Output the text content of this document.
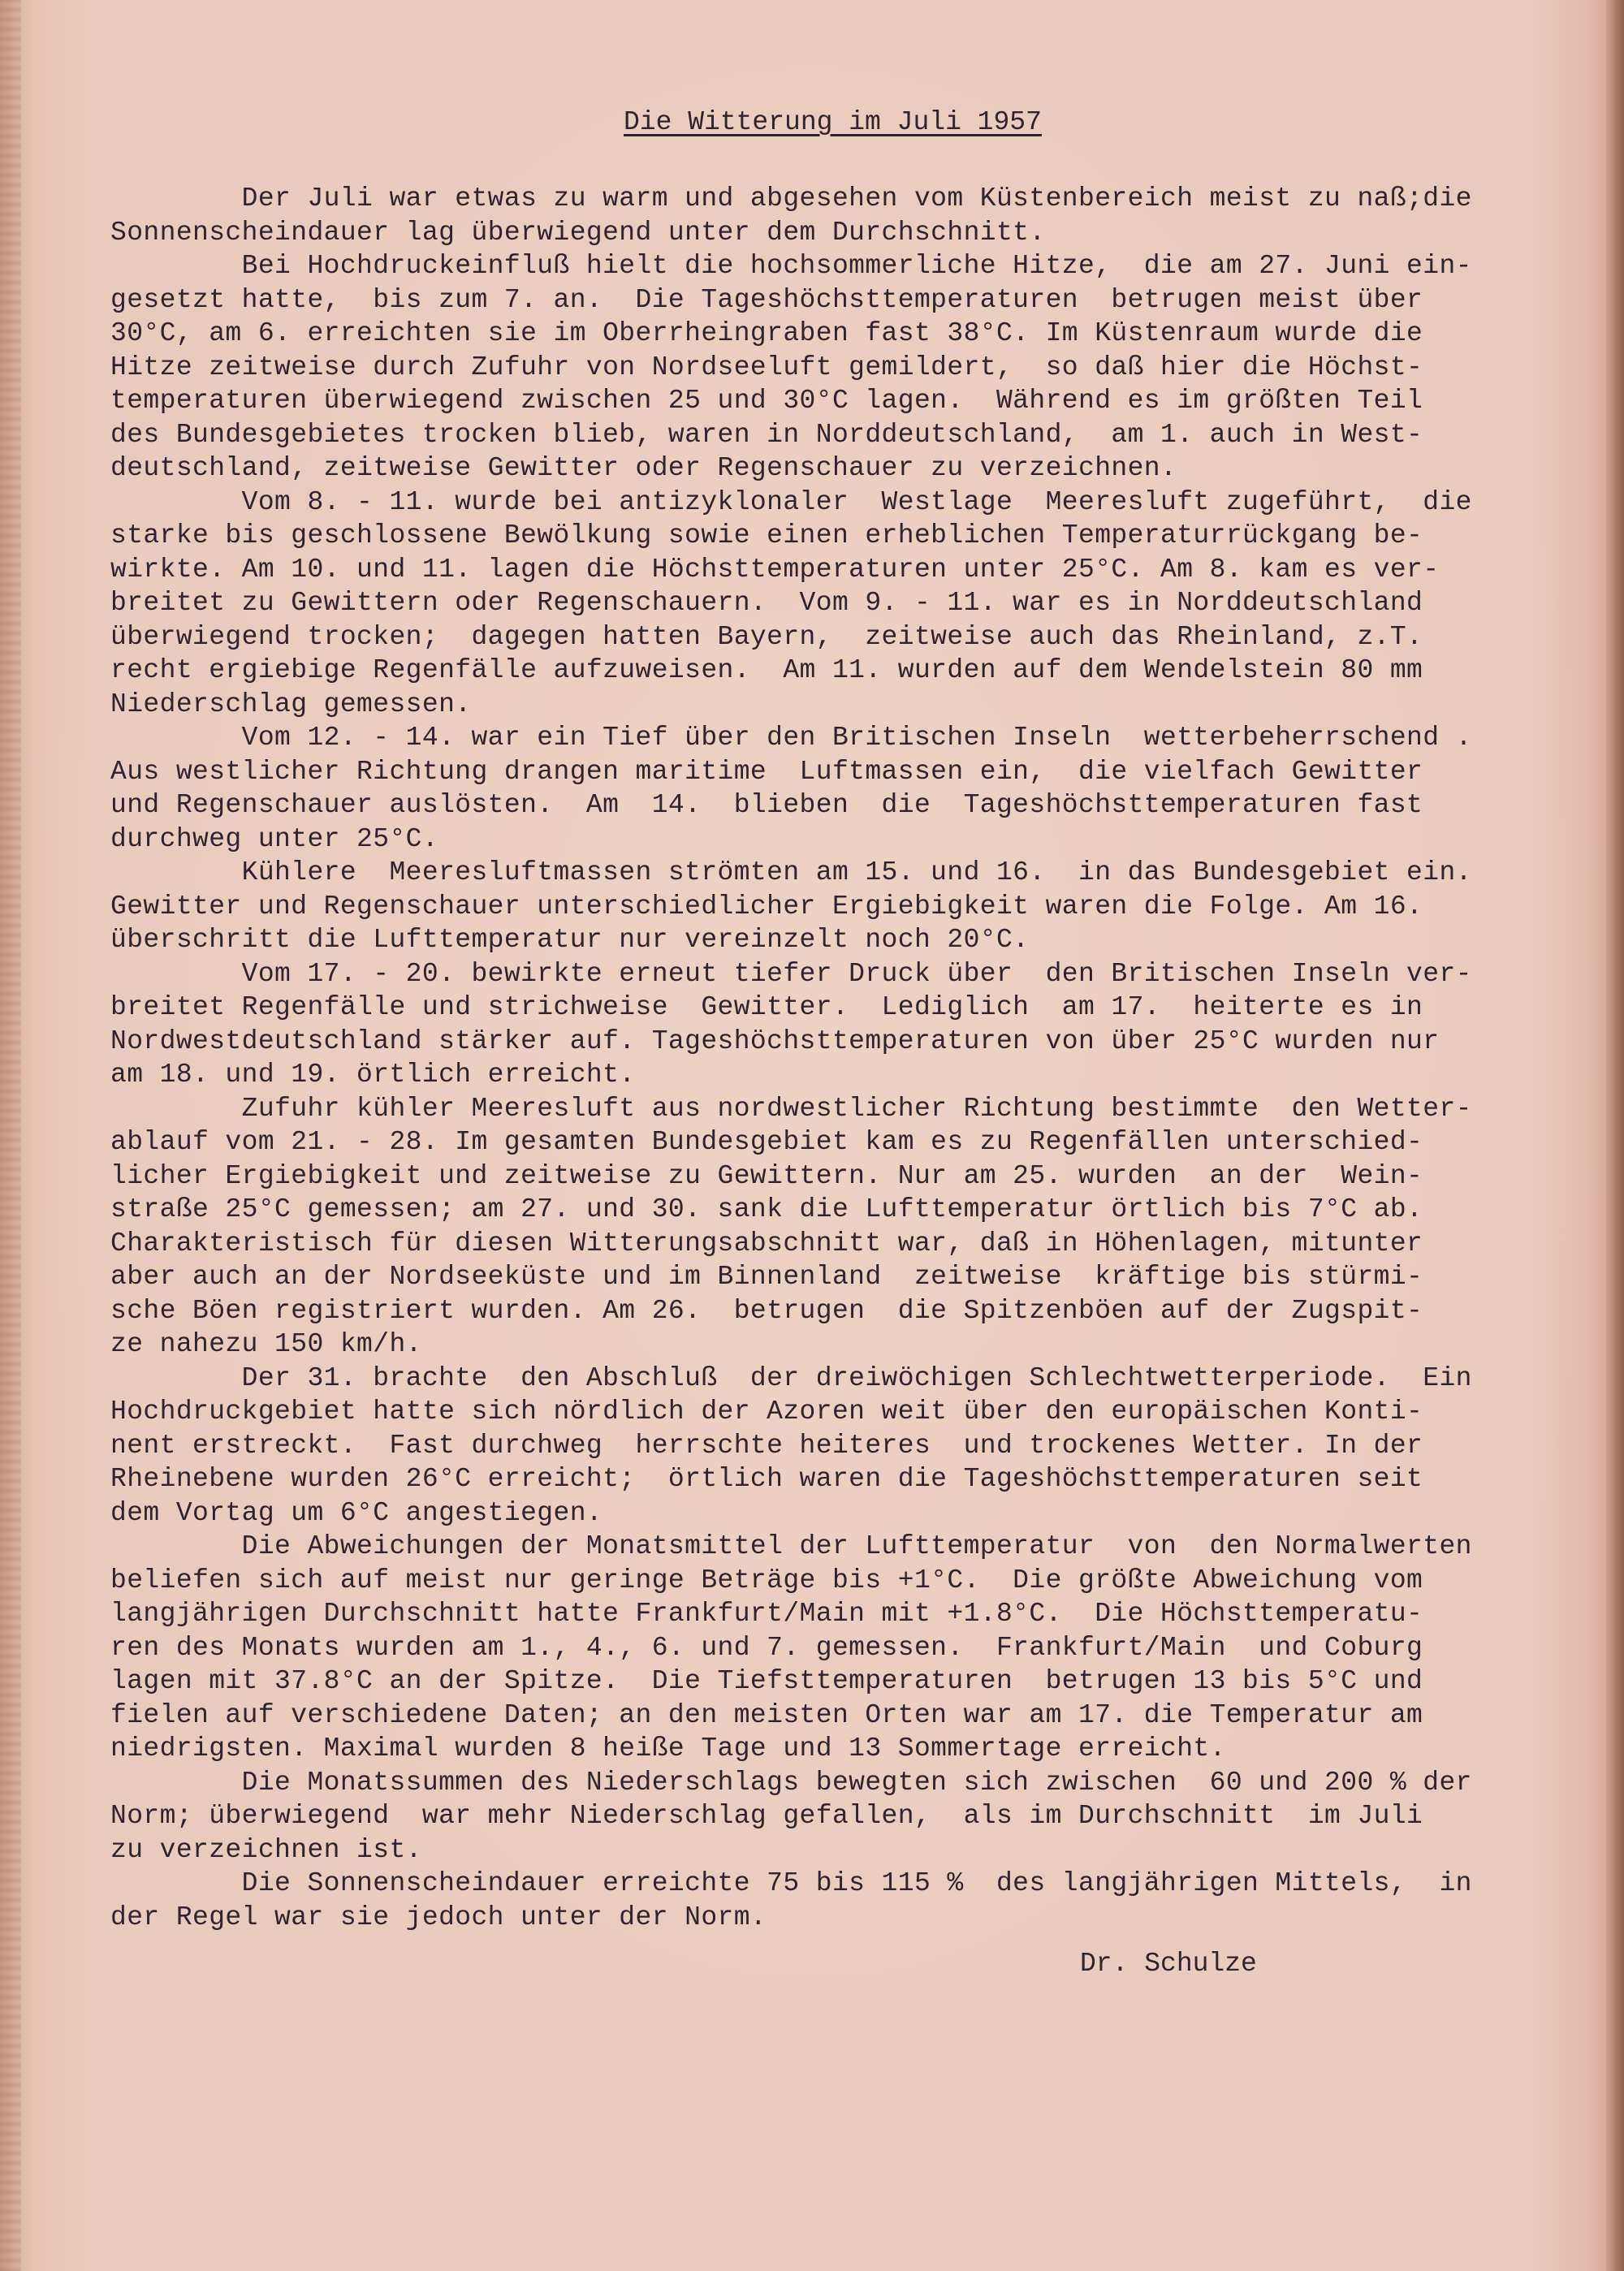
Die Witterung im Juli 1957
Der Juli war etwas zu warm und abgesehen vom Küstenbereich meist zu naß;die
Sonnenscheindauer lag überwiegend unter dem Durchschnitt.
Bei Hochdruckeinfluß hielt die hochsommerliche Hitze,  die am 27. Juni ein-
gesetzt hatte,  bis zum 7. an.  Die Tageshöchsttemperaturen  betrugen meist über
30°C, am 6. erreichten sie im Oberrheingraben fast 38°C. Im Küstenraum wurde die
Hitze zeitweise durch Zufuhr von Nordseeluft gemildert,  so daß hier die Höchst-
temperaturen überwiegend zwischen 25 und 30°C lagen.  Während es im größten Teil
des Bundesgebietes trocken blieb, waren in Norddeutschland,  am 1. auch in West-
deutschland, zeitweise Gewitter oder Regenschauer zu verzeichnen.
Vom 8. - 11. wurde bei antizyklonaler  Westlage  Meeresluft zugeführt,  die
starke bis geschlossene Bewölkung sowie einen erheblichen Temperaturrückgang be-
wirkte. Am 10. und 11. lagen die Höchsttemperaturen unter 25°C. Am 8. kam es ver-
breitet zu Gewittern oder Regenschauern.  Vom 9. - 11. war es in Norddeutschland
überwiegend trocken;  dagegen hatten Bayern,  zeitweise auch das Rheinland, z.T.
recht ergiebige Regenfälle aufzuweisen.  Am 11. wurden auf dem Wendelstein 80 mm
Niederschlag gemessen.
Vom 12. - 14. war ein Tief über den Britischen Inseln  wetterbeherrschend .
Aus westlicher Richtung drangen maritime  Luftmassen ein,  die vielfach Gewitter
und Regenschauer auslösten.  Am  14.  blieben  die  Tageshöchsttemperaturen fast
durchweg unter 25°C.
Kühlere  Meeresluftmassen strömten am 15. und 16.  in das Bundesgebiet ein.
Gewitter und Regenschauer unterschiedlicher Ergiebigkeit waren die Folge. Am 16.
überschritt die Lufttemperatur nur vereinzelt noch 20°C.
Vom 17. - 20. bewirkte erneut tiefer Druck über  den Britischen Inseln ver-
breitet Regenfälle und strichweise  Gewitter.  Lediglich  am 17.  heiterte es in
Nordwestdeutschland stärker auf. Tageshöchsttemperaturen von über 25°C wurden nur
am 18. und 19. örtlich erreicht.
Zufuhr kühler Meeresluft aus nordwestlicher Richtung bestimmte  den Wetter-
ablauf vom 21. - 28. Im gesamten Bundesgebiet kam es zu Regenfällen unterschied-
licher Ergiebigkeit und zeitweise zu Gewittern. Nur am 25. wurden  an der  Wein-
straße 25°C gemessen; am 27. und 30. sank die Lufttemperatur örtlich bis 7°C ab.
Charakteristisch für diesen Witterungsabschnitt war, daß in Höhenlagen, mitunter
aber auch an der Nordseeküste und im Binnenland  zeitweise  kräftige bis stürmi-
sche Böen registriert wurden. Am 26.  betrugen  die Spitzenböen auf der Zugspit-
ze nahezu 150 km/h.
Der 31. brachte  den Abschluß  der dreiwöchigen Schlechtwetterperiode.  Ein
Hochdruckgebiet hatte sich nördlich der Azoren weit über den europäischen Konti-
nent erstreckt.  Fast durchweg  herrschte heiteres  und trockenes Wetter. In der
Rheinebene wurden 26°C erreicht;  örtlich waren die Tageshöchsttemperaturen seit
dem Vortag um 6°C angestiegen.
Die Abweichungen der Monatsmittel der Lufttemperatur  von  den Normalwerten
beliefen sich auf meist nur geringe Beträge bis +1°C.  Die größte Abweichung vom
langjährigen Durchschnitt hatte Frankfurt/Main mit +1.8°C.  Die Höchsttemperatu-
ren des Monats wurden am 1., 4., 6. und 7. gemessen.  Frankfurt/Main  und Coburg
lagen mit 37.8°C an der Spitze.  Die Tiefsttemperaturen  betrugen 13 bis 5°C und
fielen auf verschiedene Daten; an den meisten Orten war am 17. die Temperatur am
niedrigsten. Maximal wurden 8 heiße Tage und 13 Sommertage erreicht.
Die Monatssummen des Niederschlags bewegten sich zwischen  60 und 200 % der
Norm; überwiegend  war mehr Niederschlag gefallen,  als im Durchschnitt  im Juli
zu verzeichnen ist.
Die Sonnenscheindauer erreichte 75 bis 115 %  des langjährigen Mittels,  in
der Regel war sie jedoch unter der Norm.
Dr. Schulze
